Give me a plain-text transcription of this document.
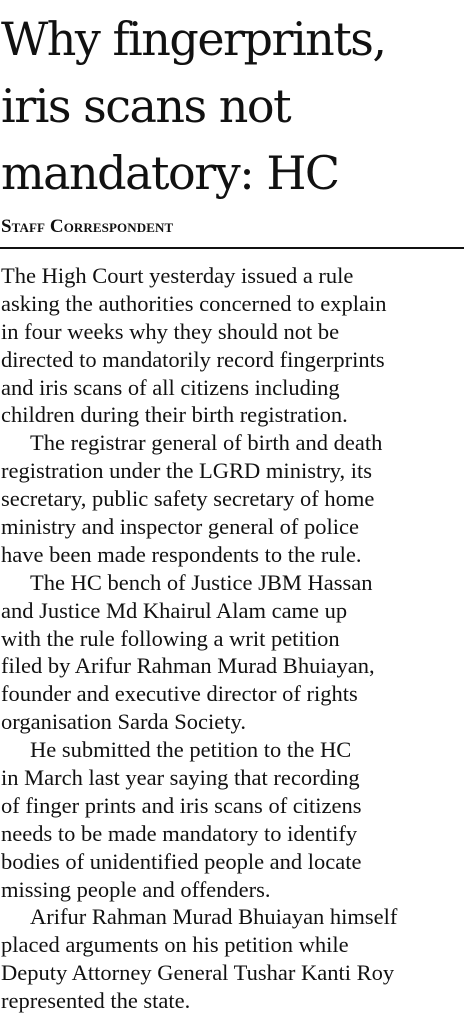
Why fingerprints,
iris scans not
mandatory: HC
Staff Correspondent
The High Court yesterday issued a rule
asking the authorities concerned to explain
in four weeks why they should not be
directed to mandatorily record fingerprints
and iris scans of all citizens including
children during their birth registration.
The registrar general of birth and death
registration under the LGRD ministry, its
secretary, public safety secretary of home
ministry and inspector general of police
have been made respondents to the rule.
The HC bench of Justice JBM Hassan
and Justice Md Khairul Alam came up
with the rule following a writ petition
filed by Arifur Rahman Murad Bhuiayan,
founder and executive director of rights
organisation Sarda Society.
He submitted the petition to the HC
in March last year saying that recording
of finger prints and iris scans of citizens
needs to be made mandatory to identify
bodies of unidentified people and locate
missing people and offenders.
Arifur Rahman Murad Bhuiayan himself
placed arguments on his petition while
Deputy Attorney General Tushar Kanti Roy
represented the state.
